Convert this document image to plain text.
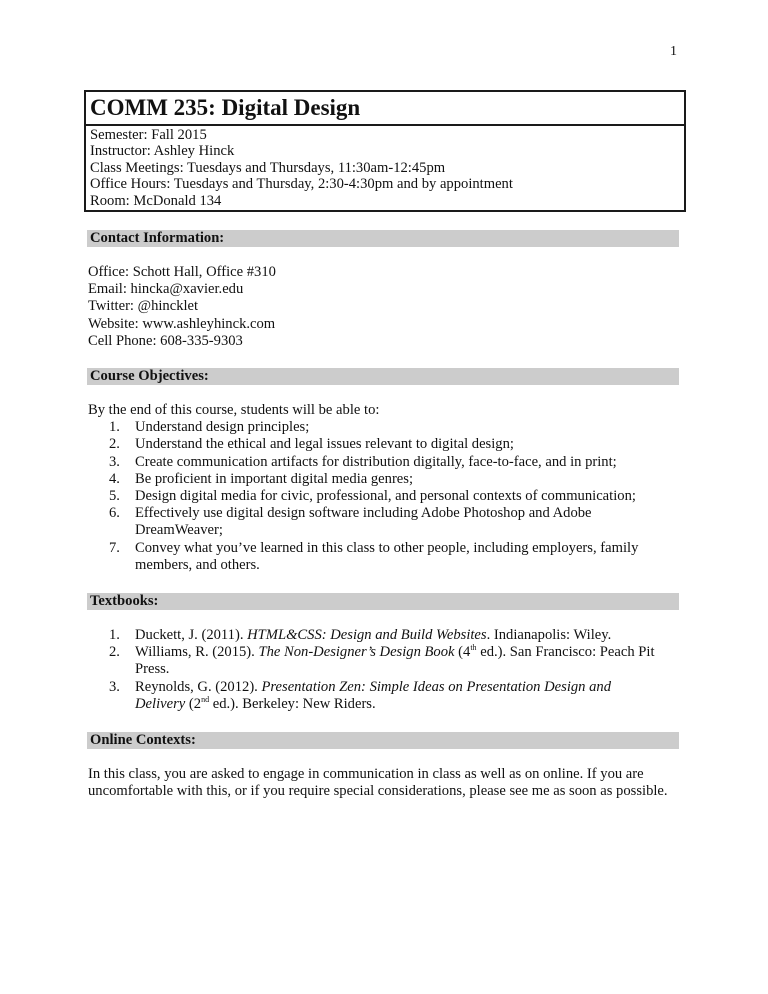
1
COMM 235: Digital Design
Semester: Fall 2015
Instructor: Ashley Hinck
Class Meetings: Tuesdays and Thursdays, 11:30am-12:45pm
Office Hours: Tuesdays and Thursday, 2:30-4:30pm and by appointment
Room: McDonald 134
Contact Information:
Office: Schott Hall, Office #310
Email: hincka@xavier.edu
Twitter: @hincklet
Website: www.ashleyhinck.com
Cell Phone: 608-335-9303
Course Objectives:
By the end of this course, students will be able to:
1. Understand design principles;
2. Understand the ethical and legal issues relevant to digital design;
3. Create communication artifacts for distribution digitally, face-to-face, and in print;
4. Be proficient in important digital media genres;
5. Design digital media for civic, professional, and personal contexts of communication;
6. Effectively use digital design software including Adobe Photoshop and Adobe DreamWeaver;
7. Convey what you’ve learned in this class to other people, including employers, family members, and others.
Textbooks:
1. Duckett, J. (2011). HTML&CSS: Design and Build Websites. Indianapolis: Wiley.
2. Williams, R. (2015). The Non-Designer’s Design Book (4th ed.). San Francisco: Peach Pit Press.
3. Reynolds, G. (2012). Presentation Zen: Simple Ideas on Presentation Design and Delivery (2nd ed.). Berkeley: New Riders.
Online Contexts:
In this class, you are asked to engage in communication in class as well as on online. If you are uncomfortable with this, or if you require special considerations, please see me as soon as possible.
